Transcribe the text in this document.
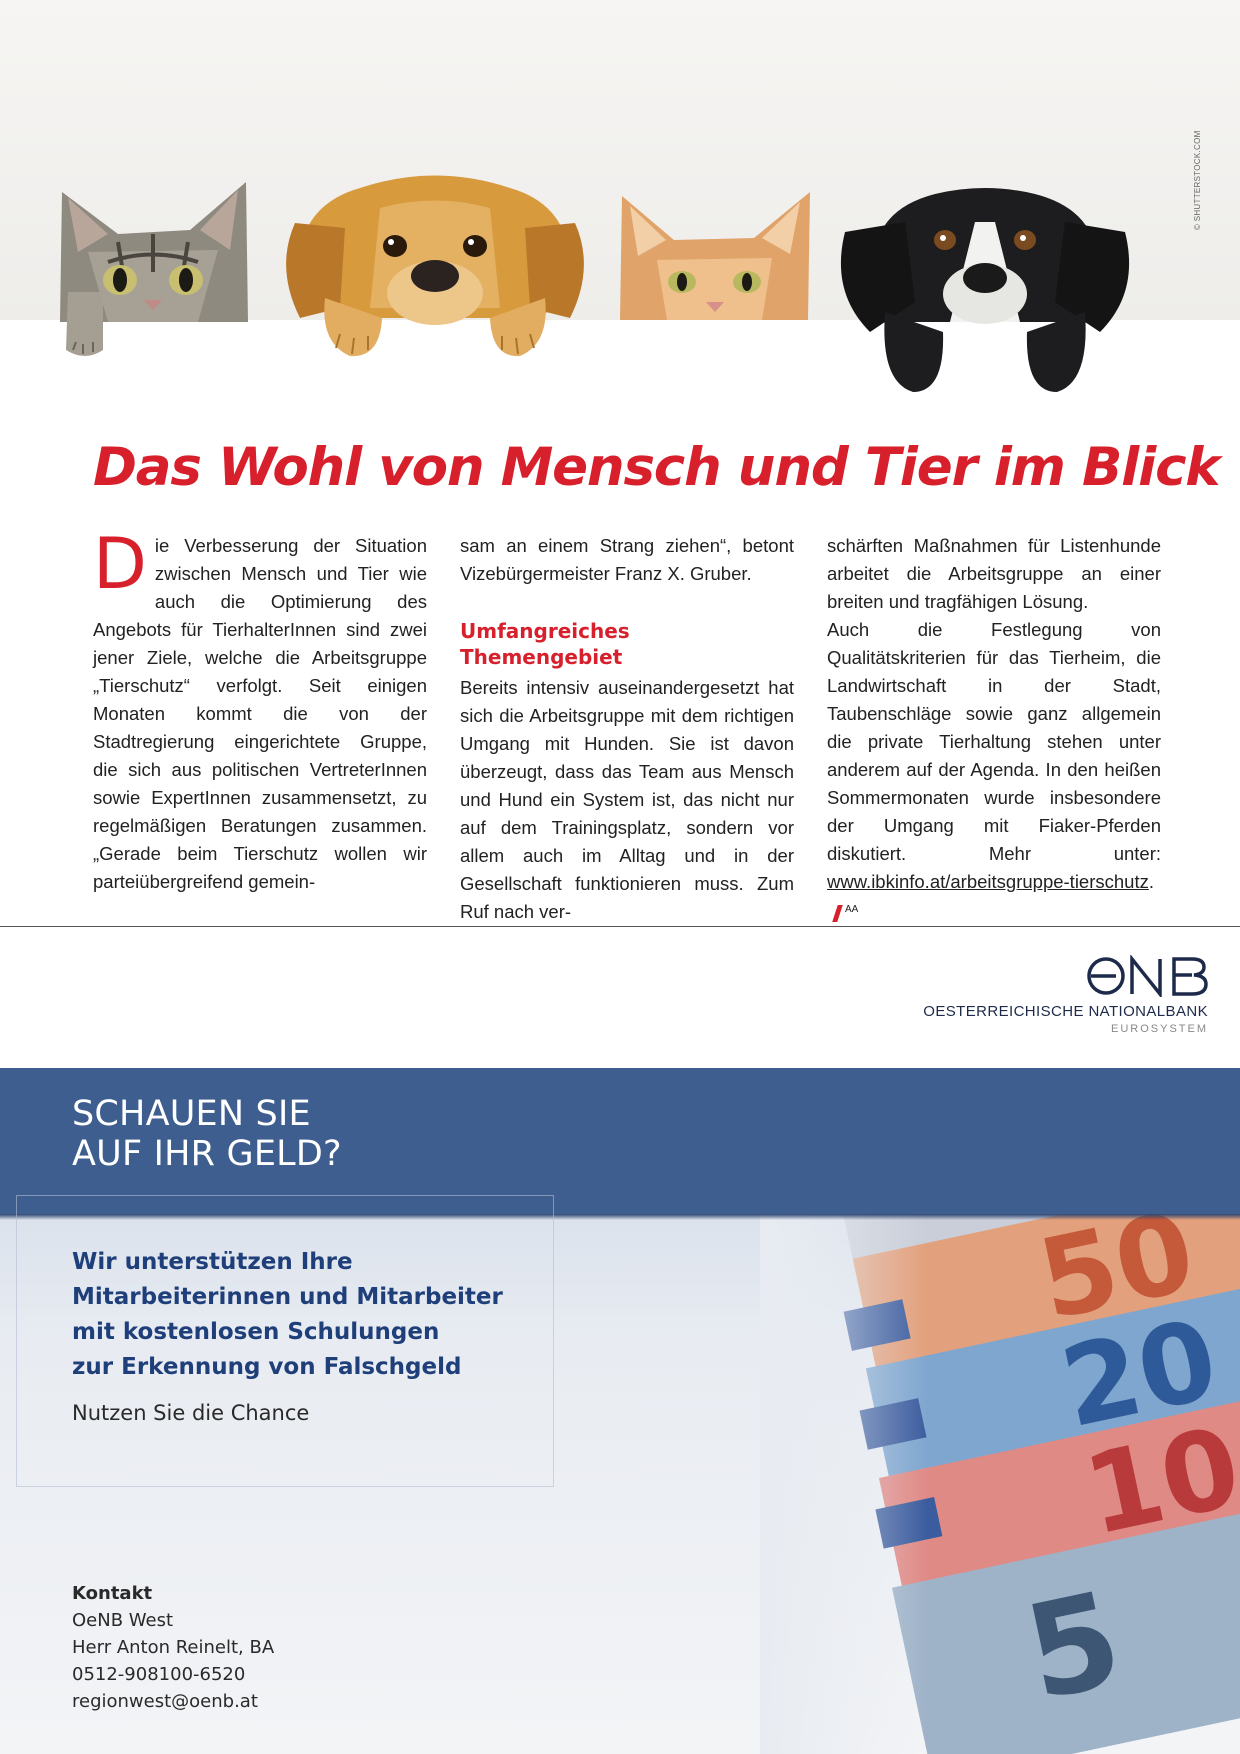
© SHUTTERSTOCK.COM
Das Wohl von Mensch und Tier im Blick

D ie Verbesserung der Situation zwischen Mensch und Tier wie auch die Optimierung des Angebots für TierhalterInnen sind zwei jener Ziele, welche die Arbeitsgruppe „Tierschutz“ verfolgt. Seit einigen Monaten kommt die von der Stadtregierung eingerichtete Gruppe, die sich aus politischen VertreterInnen sowie ExpertInnen zusammensetzt, zu regelmäßigen Beratungen zusammen. „Gerade beim Tierschutz wollen wir parteiübergreifend gemein-

sam an einem Strang ziehen“, betont Vizebürgermeister Franz X. Gruber.

Umfangreiches Themengebiet

Bereits intensiv auseinandergesetzt hat sich die Arbeitsgruppe mit dem richtigen Umgang mit Hunden. Sie ist davon überzeugt, dass das Team aus Mensch und Hund ein System ist, das nicht nur auf dem Trainingsplatz, sondern vor allem auch im Alltag und in der Gesellschaft funktionieren muss. Zum Ruf nach ver-

schärften Maßnahmen für Listenhunde arbeitet die Arbeitsgruppe an einer breiten und tragfähigen Lösung.

Auch die Festlegung von Qualitätskriterien für das Tierheim, die Landwirtschaft in der Stadt, Taubenschläge sowie ganz allgemein die private Tierhaltung stehen unter anderem auf der Agenda. In den heißen Sommermonaten wurde insbesondere der Umgang mit Fiaker-Pferden diskutiert. Mehr unter: www.ibkinfo.at/arbeitsgruppe-tierschutz.$^{AA}$

OESTERREICHISCHE NATIONALBANK
EUROSYSTEM
SCHAUEN SIE
AUF IHR GELD?

Wir unterstützen Ihre
Mitarbeiterinnen und Mitarbeiter
mit kostenlosen Schulungen
zur Erkennung von Falschgeld

Nutzen Sie die Chance
Kontakt
OeNB West
Herr Anton Reinelt, BA
0512-908100-6520
regionwest@oenb.at
